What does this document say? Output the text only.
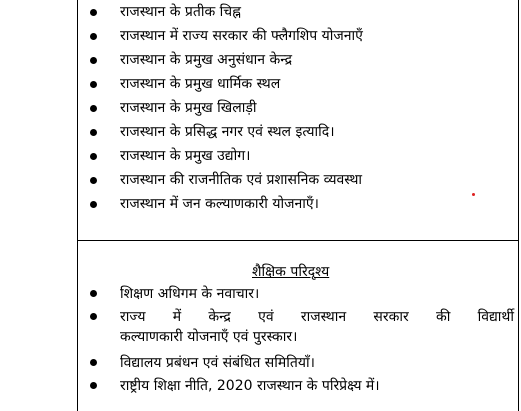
राजस्थान के प्रतीक चिह्न
राजस्थान में राज्य सरकार की फ्लैगशिप योजनाएँ
राजस्थान के प्रमुख अनुसंधान केन्द्र
राजस्थान के प्रमुख धार्मिक स्थल
राजस्थान के प्रमुख खिलाड़ी
राजस्थान के प्रसिद्ध नगर एवं स्थल इत्यादि।
राजस्थान के प्रमुख उद्योग।
राजस्थान की राजनीतिक एवं प्रशासनिक व्यवस्था
राजस्थान में जन कल्याणकारी योजनाएँ।
शैक्षिक परिदृश्य
शिक्षण अधिगम के नवाचार।
राज्य में केन्द्र एवं राजस्थान सरकार की विद्यार्थी
कल्याणकारी योजनाएँ एवं पुरस्कार।
विद्यालय प्रबंधन एवं संबंधित समितियाँ।
राष्ट्रीय शिक्षा नीति, 2020 राजस्थान के परिप्रेक्ष्य में।
